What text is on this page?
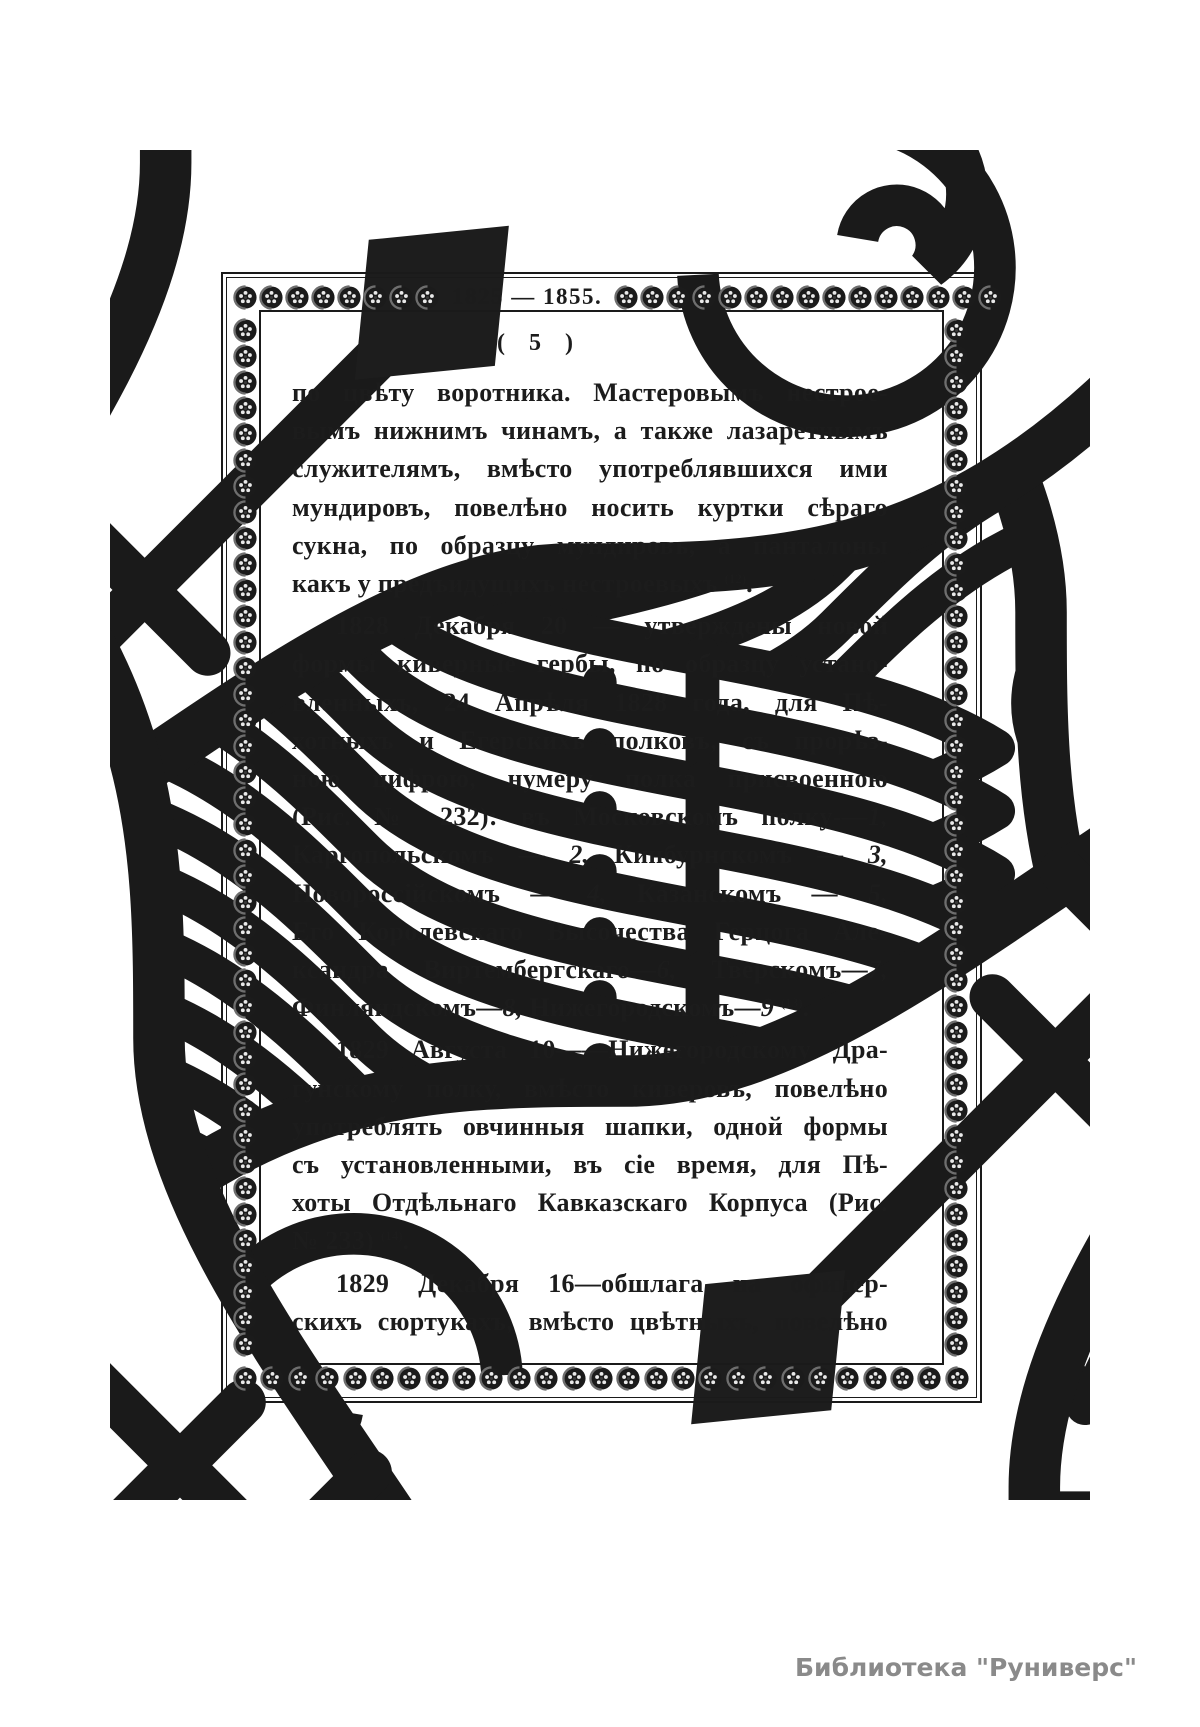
1825 — 1855.
( 5 )
по цвѣту воротника. Мастеровымъ нестрое-
вымъ нижнимъ чинамъ, а также лазаретнымъ
служителямъ, вмѣсто употреблявшихся ими
мундировъ, повелѣно носить куртки сѣраго
сукна, по образцу мундировъ, а панталоны
какъ у предъидущихъ нестроевыхъ $^{(12)}$.
1828 Декабря 20 — утверждены новой
формы киверные гербы, по образцу устано-
вленныхъ, 24 Апрѣля 1828 года, для Пѣ-
хотныхъ и Егерскихъ полковъ, съ прорѣз-
ною цифрою, нумеру полка присвоенною
(Рис. № 232): въ Московскомъ полку-—1,
Каргопольскомъ — 2, Кинбурнскомъ — 3,
Новороссійскомъ — 4, Казанскомъ — 5,
Его Королевскаго Высочества Герцога Але-
ксандра Виртембергскаго—6, Тверскомъ—7,
Финляндскомъ—8, Нижегородскомъ—9 $^{(13)}$.
1829 Августа 10——Нижегородскому Дра-
гунскому полку, вмѣсто киверовъ, повелѣно
употреблять овчинныя шапки, одной формы
съ установленными, въ сіе время, для Пѣ-
хоты Отдѣльнаго Кавказскаго Корпуса (Рис.
№ 233) $^{(14)}$.
1829 Декабря 16—обшлага на офицер-
скихъ сюртукахъ, вмѣсто цвѣтныхъ, повелѣно
Библиотека "Руниверс"
